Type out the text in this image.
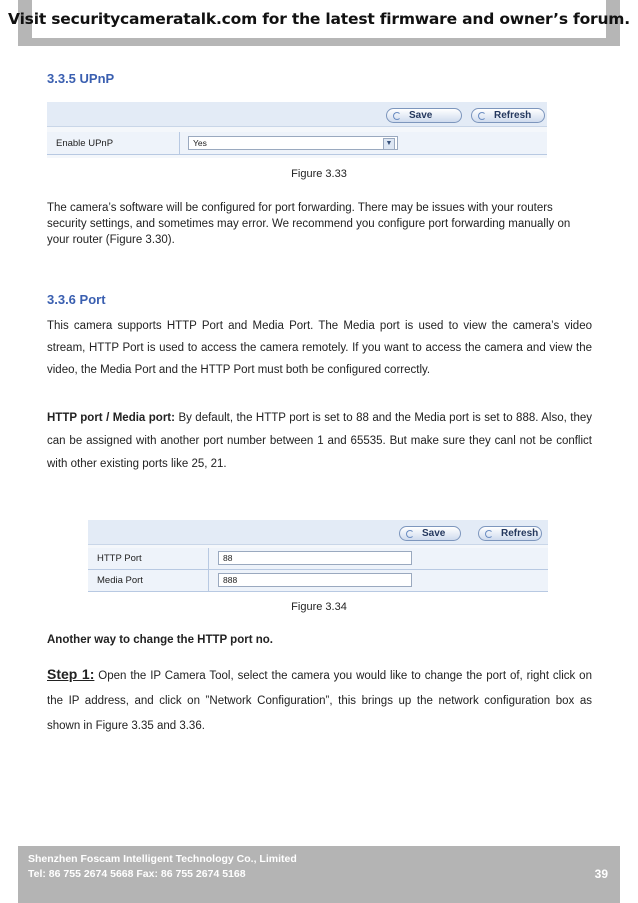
Visit securitycameratalk.com for the latest firmware and owner’s forum.
3.3.5 UPnP
Save	Refresh
Enable UPnP	Yes	▼
Figure 3.33
The camera’s software will be configured for port forwarding. There may be issues with your routers security settings, and sometimes may error. We recommend you configure port forwarding manually on your router (Figure 3.30).
3.3.6 Port
This camera supports HTTP Port and Media Port. The Media port is used to view the camera’s video stream, HTTP Port is used to access the camera remotely. If you want to access the camera and view the video, the Media Port and the HTTP Port must both be configured correctly.
HTTP port / Media port: By default, the HTTP port is set to 88 and the Media port is set to 888. Also, they can be assigned with another port number between 1 and 65535. But make sure they canl not be conflict with other existing ports like 25, 21.
Save	Refresh
HTTP Port	88
Media Port	888
Figure 3.34
Another way to change the HTTP port no.
Step 1: Open the IP Camera Tool, select the camera you would like to change the port of, right click on the IP address, and click on ”Network Configuration”, this brings up the network configuration box as shown in Figure 3.35 and 3.36.
Shenzhen Foscam Intelligent Technology Co., Limited
Tel: 86 755 2674 5668 Fax: 86 755 2674 5168	39
